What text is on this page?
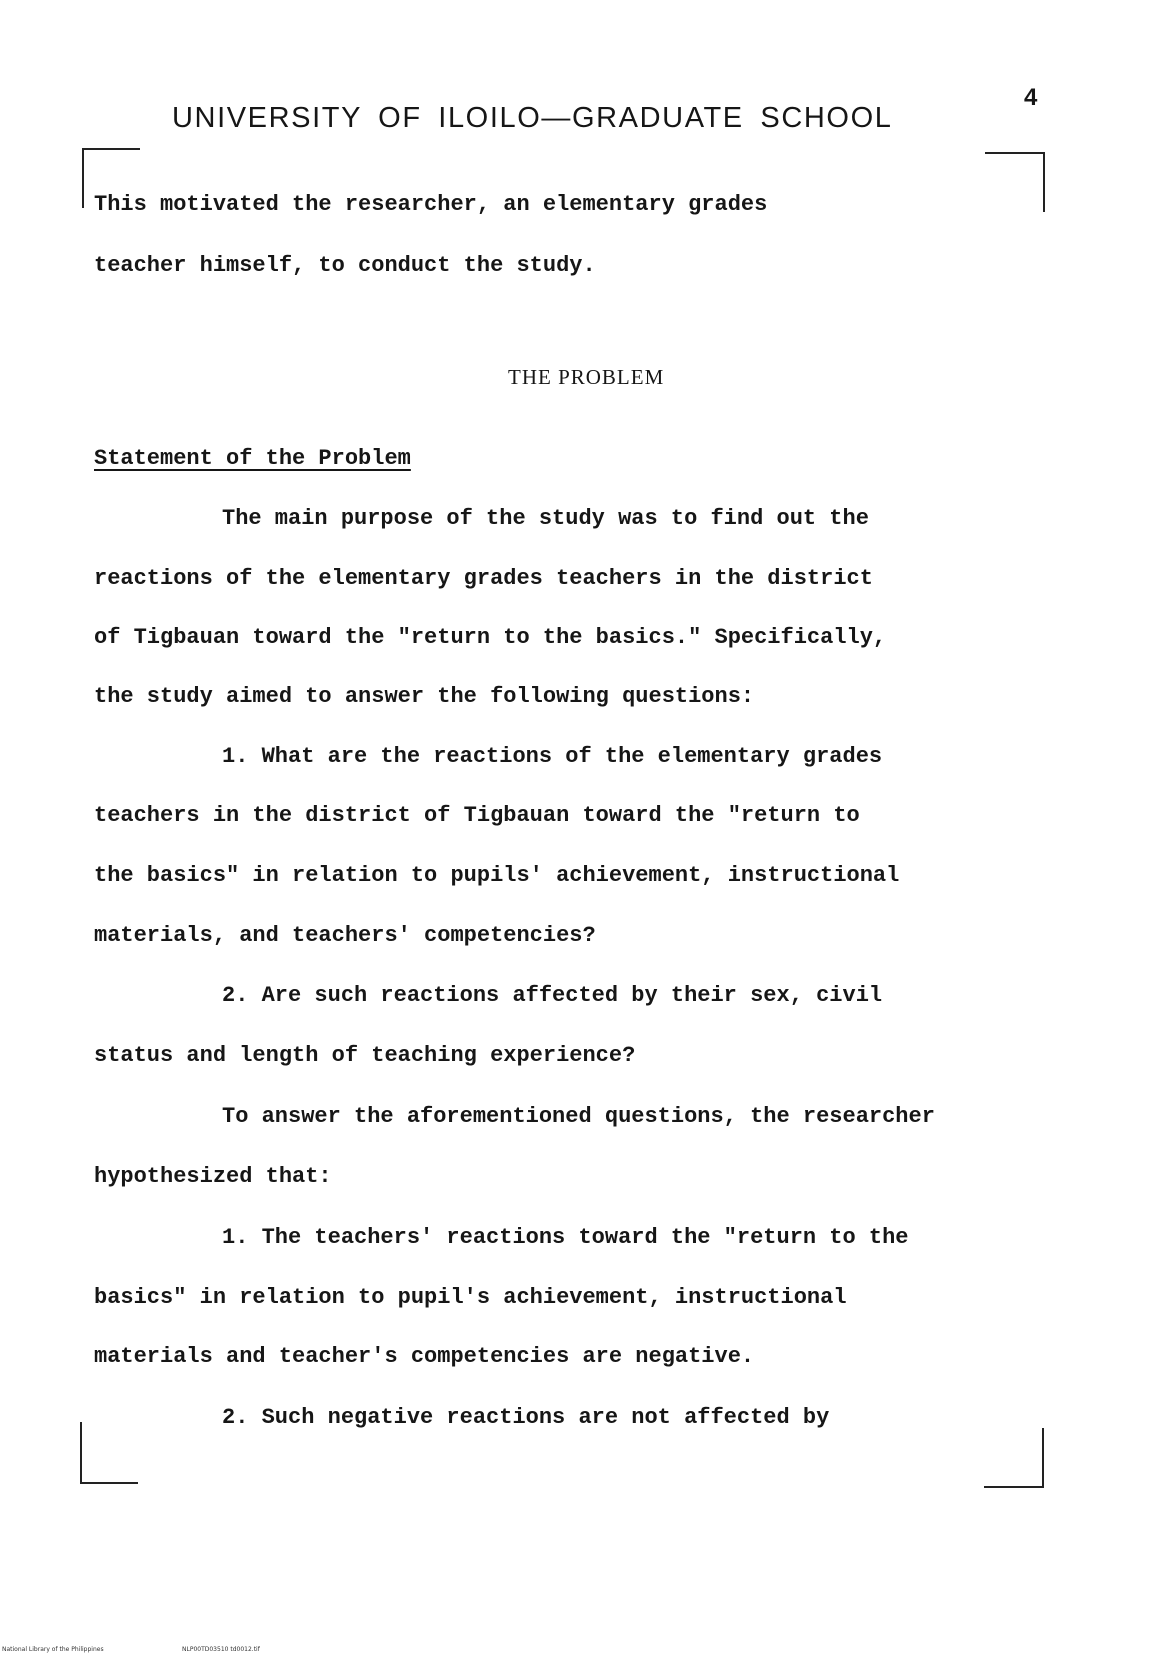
4
UNIVERSITY OF ILOILO—GRADUATE SCHOOL
This motivated the researcher, an elementary grades
teacher himself, to conduct the study.
THE PROBLEM
Statement of the Problem
The main purpose of the study was to find out the
reactions of the elementary grades teachers in the district
of Tigbauan toward the "return to the basics." Specifically,
the study aimed to answer the following questions:
1. What are the reactions of the elementary grades
teachers in the district of Tigbauan toward the "return to
the basics" in relation to pupils' achievement, instructional
materials, and teachers' competencies?
2. Are such reactions affected by their sex, civil
status and length of teaching experience?
To answer the aforementioned questions, the researcher
hypothesized that:
1. The teachers' reactions toward the "return to the
basics" in relation to pupil's achievement, instructional
materials and teacher's competencies are negative.
2. Such negative reactions are not affected by
National Library of the Philippines	NLP00TD03510 td0012.tif
